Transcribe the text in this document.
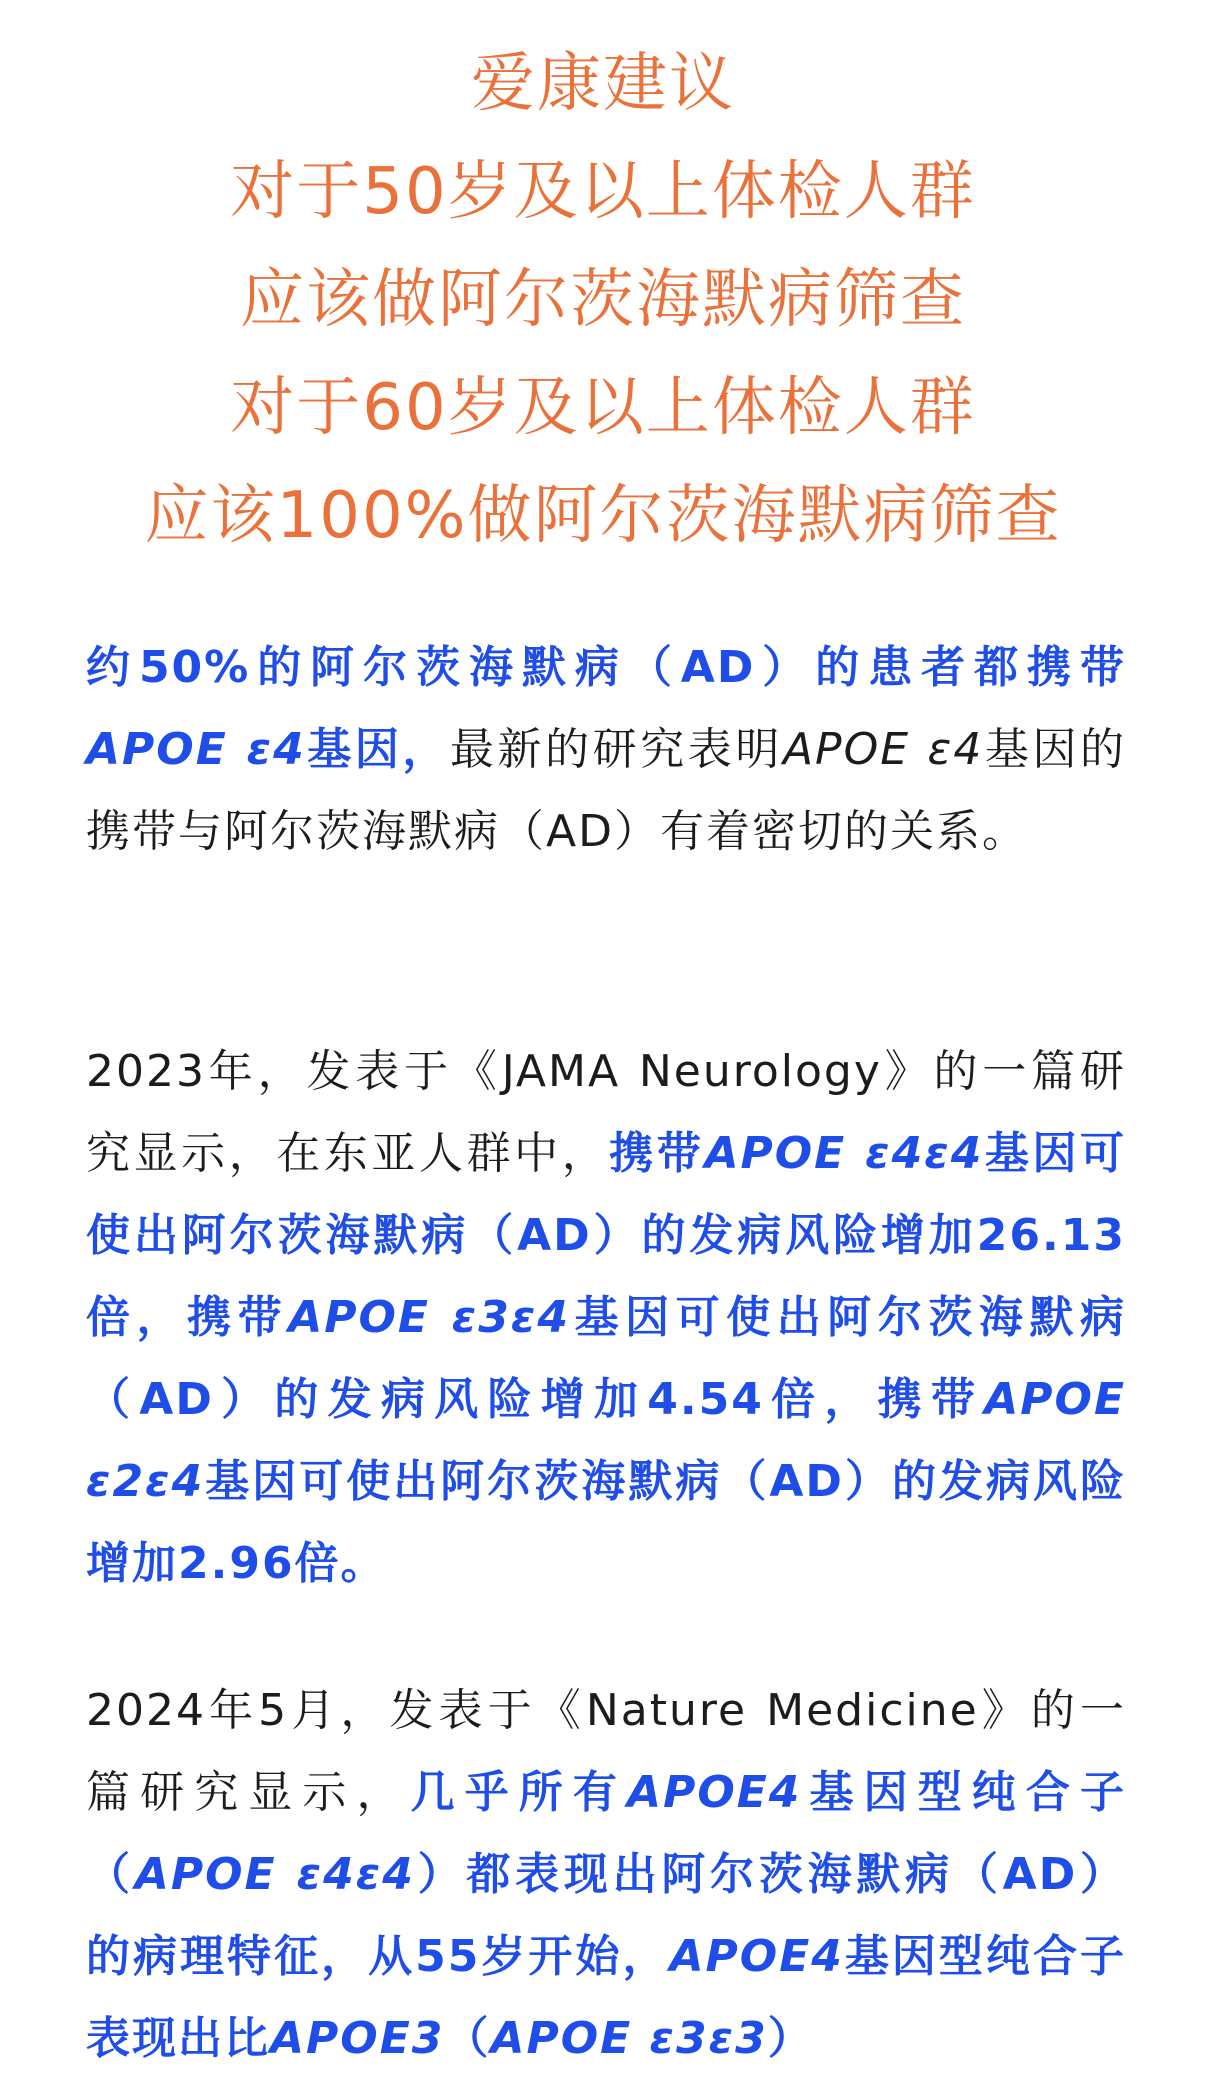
爱康建议
对于50岁及以上体检人群
应该做阿尔茨海默病筛查
对于60岁及以上体检人群
应该100%做阿尔茨海默病筛查

约50%的阿尔茨海默病（AD）的患者都携带APOE ε4基因，最新的研究表明APOE ε4基因的携带与阿尔茨海默病（AD）有着密切的关系。

2023年，发表于《JAMA Neurology》的一篇研究显示，在东亚人群中，携带APOE ε4ε4基因可使出阿尔茨海默病（AD）的发病风险增加26.13倍，携带APOE ε3ε4基因可使出阿尔茨海默病（AD）的发病风险增加4.54倍，携带APOE ε2ε4基因可使出阿尔茨海默病（AD）的发病风险增加2.96倍。

2024年5月，发表于《Nature Medicine》的一篇研究显示，几乎所有APOE4基因型纯合子（APOE ε4ε4）都表现出阿尔茨海默病（AD）的病理特征，从55岁开始，APOE4基因型纯合子表现出比APOE3（APOE ε3ε3）
